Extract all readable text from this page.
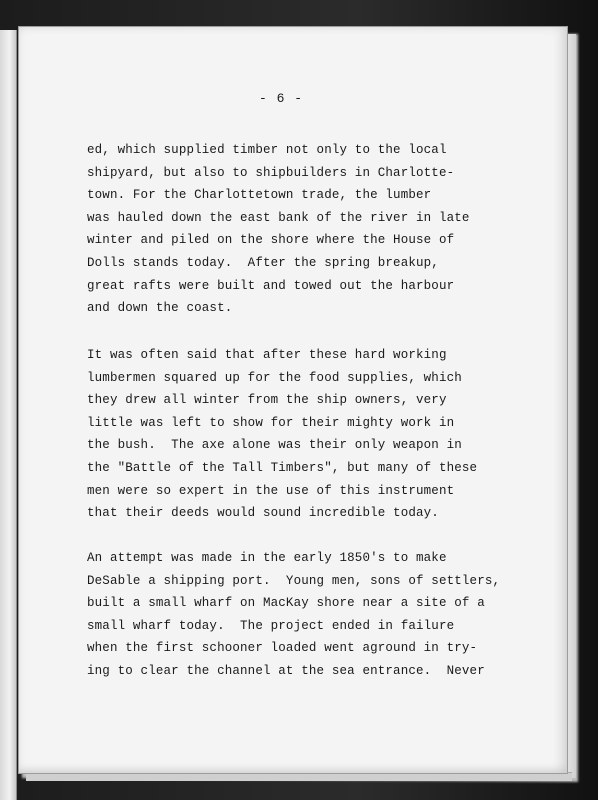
- 6 -
ed, which supplied timber not only to the local
shipyard, but also to shipbuilders in Charlotte-
town. For the Charlottetown trade, the lumber
was hauled down the east bank of the river in late
winter and piled on the shore where the House of
Dolls stands today.  After the spring breakup,
great rafts were built and towed out the harbour
and down the coast.
It was often said that after these hard working
lumbermen squared up for the food supplies, which
they drew all winter from the ship owners, very
little was left to show for their mighty work in
the bush.  The axe alone was their only weapon in
the "Battle of the Tall Timbers", but many of these
men were so expert in the use of this instrument
that their deeds would sound incredible today.
An attempt was made in the early 1850's to make
DeSable a shipping port.  Young men, sons of settlers,
built a small wharf on MacKay shore near a site of a
small wharf today.  The project ended in failure
when the first schooner loaded went aground in try-
ing to clear the channel at the sea entrance.  Never
